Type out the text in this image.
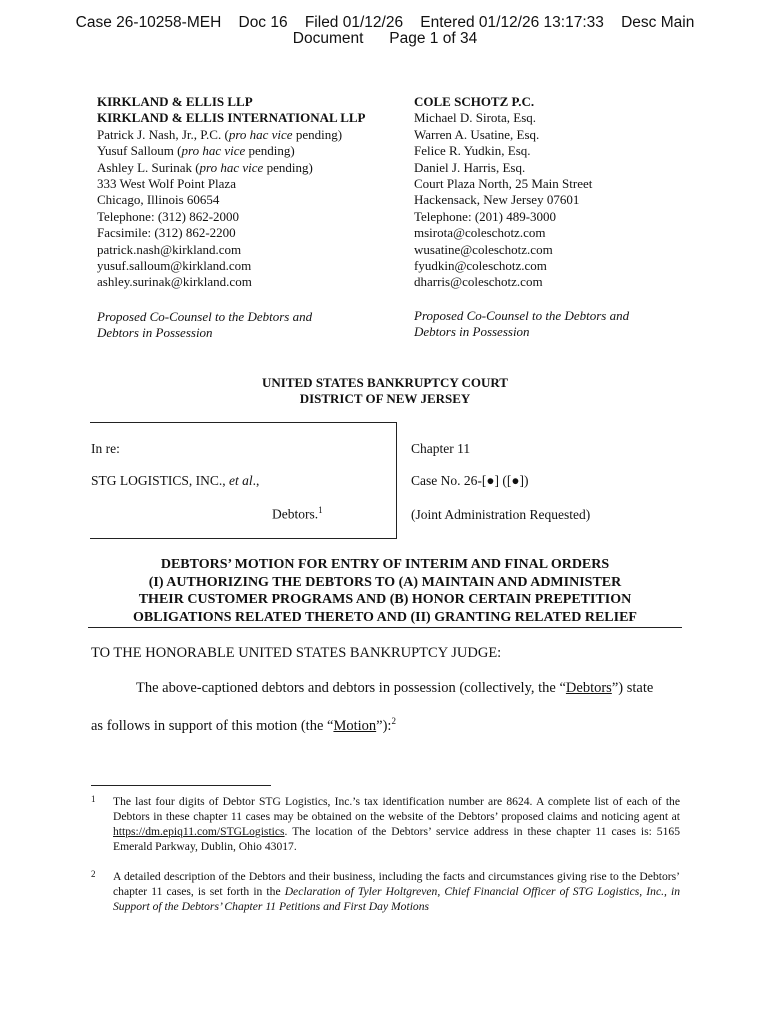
Case 26-10258-MEH    Doc 16    Filed 01/12/26    Entered 01/12/26 13:17:33    Desc Main
Document      Page 1 of 34
KIRKLAND & ELLIS LLP
KIRKLAND & ELLIS INTERNATIONAL LLP
Patrick J. Nash, Jr., P.C. (pro hac vice pending)
Yusuf Salloum (pro hac vice pending)
Ashley L. Surinak (pro hac vice pending)
333 West Wolf Point Plaza
Chicago, Illinois 60654
Telephone: (312) 862-2000
Facsimile: (312) 862-2200
patrick.nash@kirkland.com
yusuf.salloum@kirkland.com
ashley.surinak@kirkland.com
Proposed Co-Counsel to the Debtors and
Debtors in Possession
COLE SCHOTZ P.C.
Michael D. Sirota, Esq.
Warren A. Usatine, Esq.
Felice R. Yudkin, Esq.
Daniel J. Harris, Esq.
Court Plaza North, 25 Main Street
Hackensack, New Jersey 07601
Telephone: (201) 489-3000
msirota@coleschotz.com
wusatine@coleschotz.com
fyudkin@coleschotz.com
dharris@coleschotz.com
Proposed Co-Counsel to the Debtors and
Debtors in Possession
UNITED STATES BANKRUPTCY COURT
DISTRICT OF NEW JERSEY
In re:
STG LOGISTICS, INC., et al.,
Debtors.$^1$
Chapter 11
Case No. 26-[●] ([●])
(Joint Administration Requested)
DEBTORS’ MOTION FOR ENTRY OF INTERIM AND FINAL ORDERS
(I) AUTHORIZING THE DEBTORS TO (A) MAINTAIN AND ADMINISTER
THEIR CUSTOMER PROGRAMS AND (B) HONOR CERTAIN PREPETITION
OBLIGATIONS RELATED THERETO AND (II) GRANTING RELATED RELIEF
TO THE HONORABLE UNITED STATES BANKRUPTCY JUDGE:
The above-captioned debtors and debtors in possession (collectively, the “Debtors”) state
as follows in support of this motion (the “Motion”):$^2$
1 The last four digits of Debtor STG Logistics, Inc.’s tax identification number are 8624. A complete list of each of the Debtors in these chapter 11 cases may be obtained on the website of the Debtors’ proposed claims and noticing agent at https://dm.epiq11.com/STGLogistics. The location of the Debtors’ service address in these chapter 11 cases is: 5165 Emerald Parkway, Dublin, Ohio 43017.
2 A detailed description of the Debtors and their business, including the facts and circumstances giving rise to the Debtors’ chapter 11 cases, is set forth in the Declaration of Tyler Holtgreven, Chief Financial Officer of STG Logistics, Inc., in Support of the Debtors’ Chapter 11 Petitions and First Day Motions
